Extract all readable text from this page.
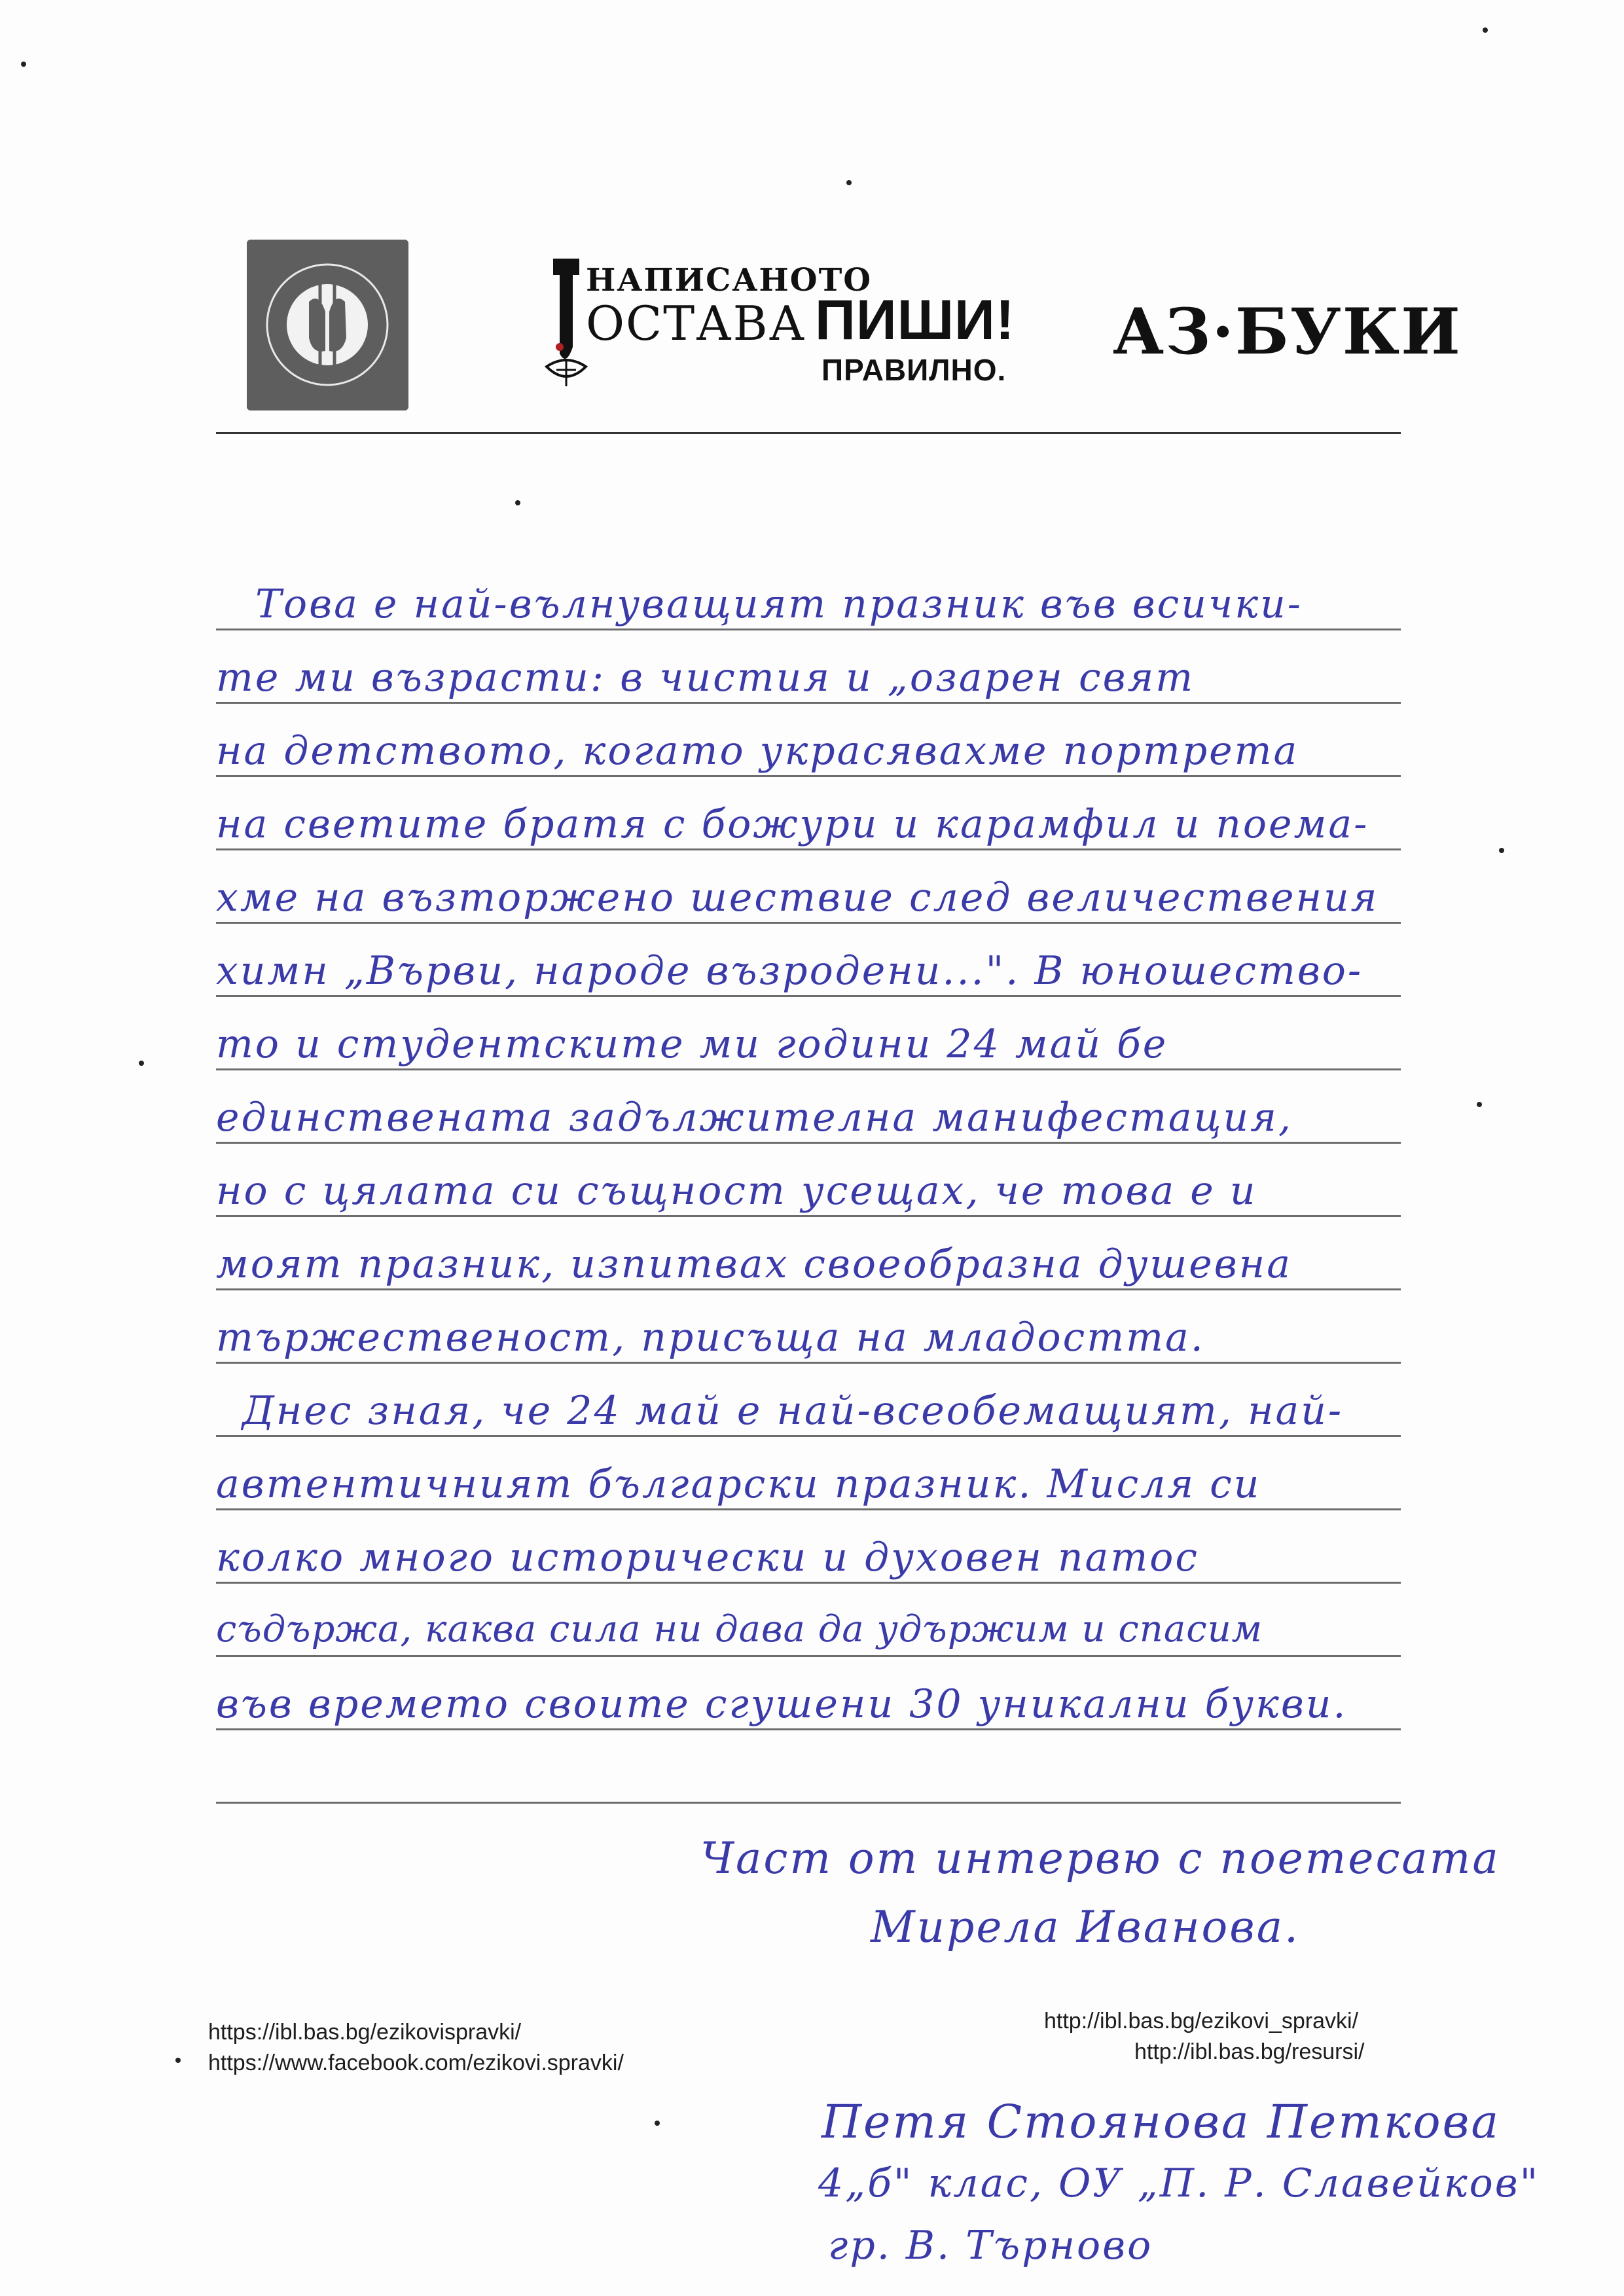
НАПИСАНОТО
ОСТАВА ПИШИ!
ПРАВИЛНО.
АЗ·БУКИ
Това е най-вълнуващият празник във всички-
те ми възрасти: в чистия и „озарен свят
на детството, когато украсявахме портрета
на светите братя с божури и карамфил и поема-
хме на възторжено шествие след величествения
химн „Върви, народе възродени...". В юношество-
то и студентските ми години 24 май бе
единствената задължителна манифестация,
но с цялата си същност усещах, че това е и
моят празник, изпитвах своеобразна душевна
тържественост, присъща на младостта.
Днес зная, че 24 май е най-всеобемащият, най-
автентичният български празник. Мисля си
колко много исторически и духовен патос
съдържа, каква сила ни дава да удържим и спасим
във времето своите сгушени 30 уникални букви.
Част от интервю с поетесата
Мирела Иванова.
https://ibl.bas.bg/ezikovispravki/
https://www.facebook.com/ezikovi.spravki/
http://ibl.bas.bg/ezikovi_spravki/
http://ibl.bas.bg/resursi/
Петя Стоянова Петкова
4„б" клас, ОУ „П. Р. Славейков"
гр. В. Търново
